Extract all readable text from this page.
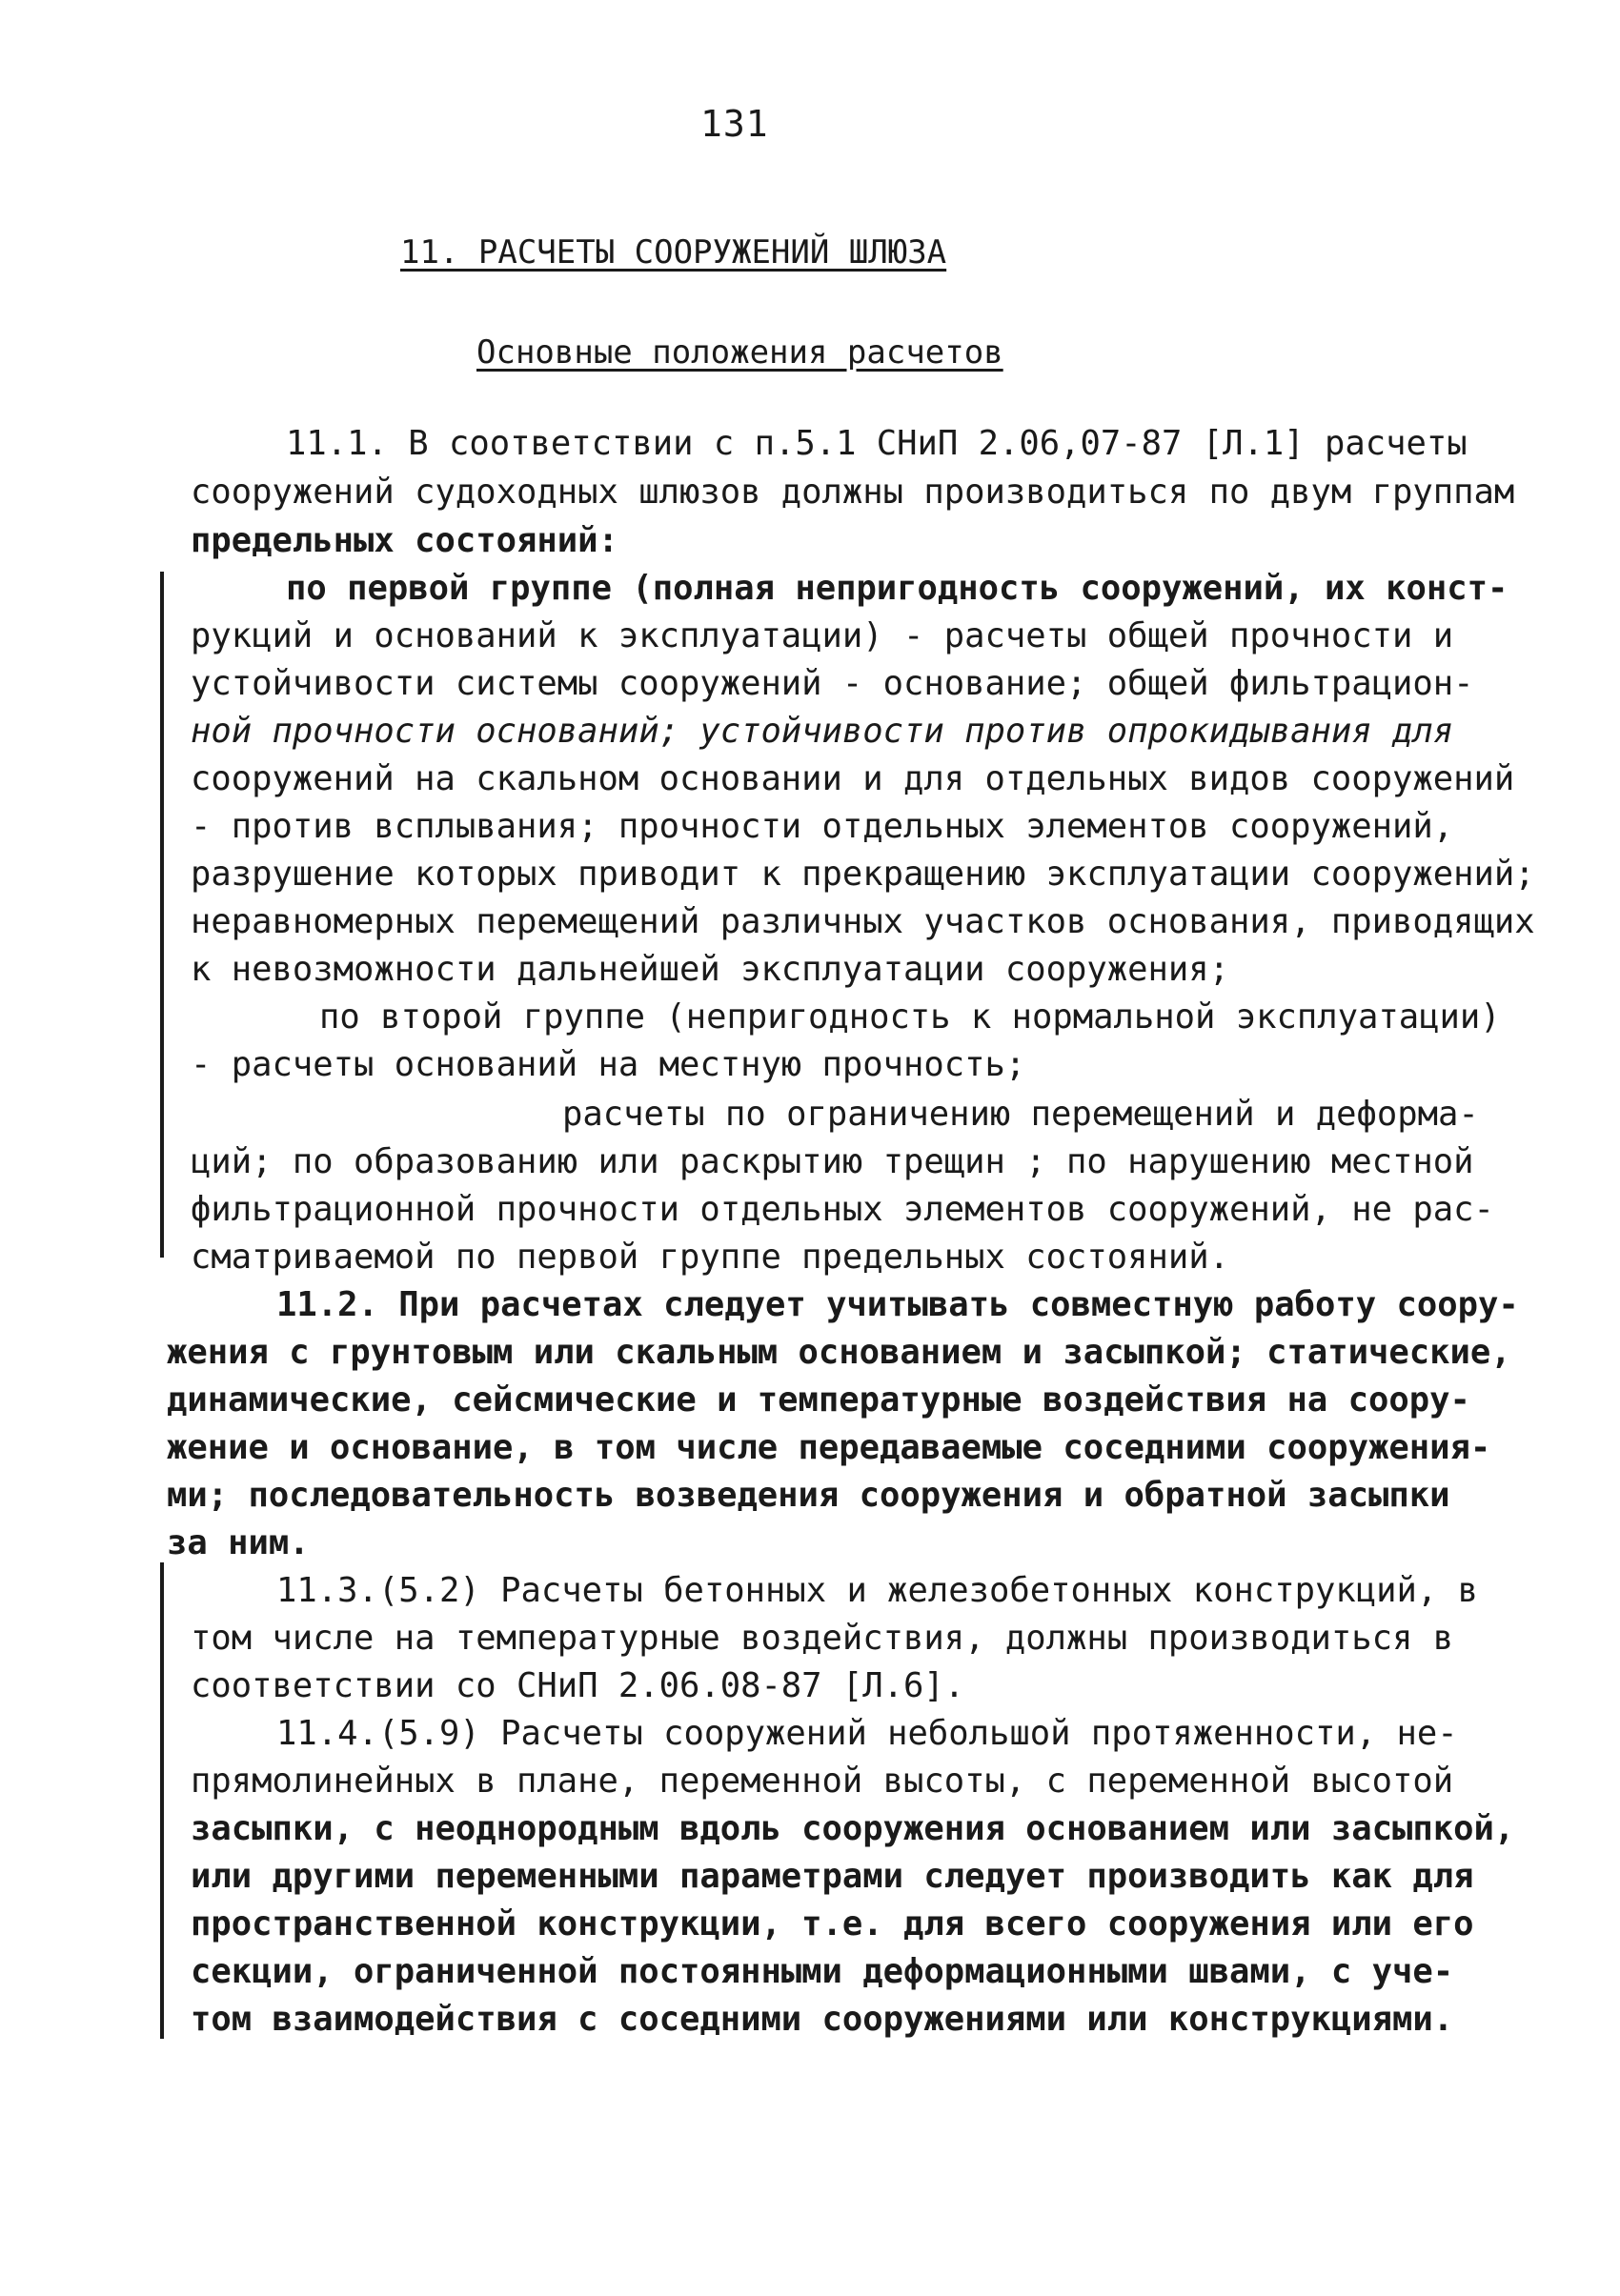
131
11. РАСЧЕТЫ СООРУЖЕНИЙ ШЛЮЗА
Основные положения расчетов
11.1. В соответствии с п.5.1 СНиП 2.06,07-87 [Л.1] расчеты
сооружений судоходных шлюзов должны производиться по двум группам
предельных состояний:
по первой группе (полная непригодность сооружений, их конст-
рукций и оснований к эксплуатации) - расчеты общей прочности и
устойчивости системы сооружений - основание; общей фильтрацион-
ной прочности оснований; устойчивости против опрокидывания для
сооружений на скальном основании и для отдельных видов сооружений
- против всплывания; прочности отдельных элементов сооружений,
разрушение которых приводит к прекращению эксплуатации сооружений;
неравномерных перемещений различных участков основания, приводящих
к невозможности дальнейшей эксплуатации сооружения;
по второй группе (непригодность к нормальной эксплуатации)
- расчеты оснований на местную прочность;
расчеты по ограничению перемещений и деформа-
ций; по образованию или раскрытию трещин ; по нарушению местной
фильтрационной прочности отдельных элементов сооружений, не рас-
сматриваемой по первой группе предельных состояний.
11.2. При расчетах следует учитывать совместную работу соору-
жения с грунтовым или скальным основанием и засыпкой; статические,
динамические, сейсмические и температурные воздействия на соору-
жение и основание, в том числе передаваемые соседними сооружения-
ми; последовательность возведения сооружения и обратной засыпки
за ним.
11.3.(5.2) Расчеты бетонных и железобетонных конструкций, в
том числе на температурные воздействия, должны производиться в
соответствии со СНиП 2.06.08-87 [Л.6].
11.4.(5.9) Расчеты сооружений небольшой протяженности, не-
прямолинейных в плане, переменной высоты, с переменной высотой
засыпки, с неоднородным вдоль сооружения основанием или засыпкой,
или другими переменными параметрами следует производить как для
пространственной конструкции, т.е. для всего сооружения или его
секции, ограниченной постоянными деформационными швами, с уче-
том взаимодействия с соседними сооружениями или конструкциями.
